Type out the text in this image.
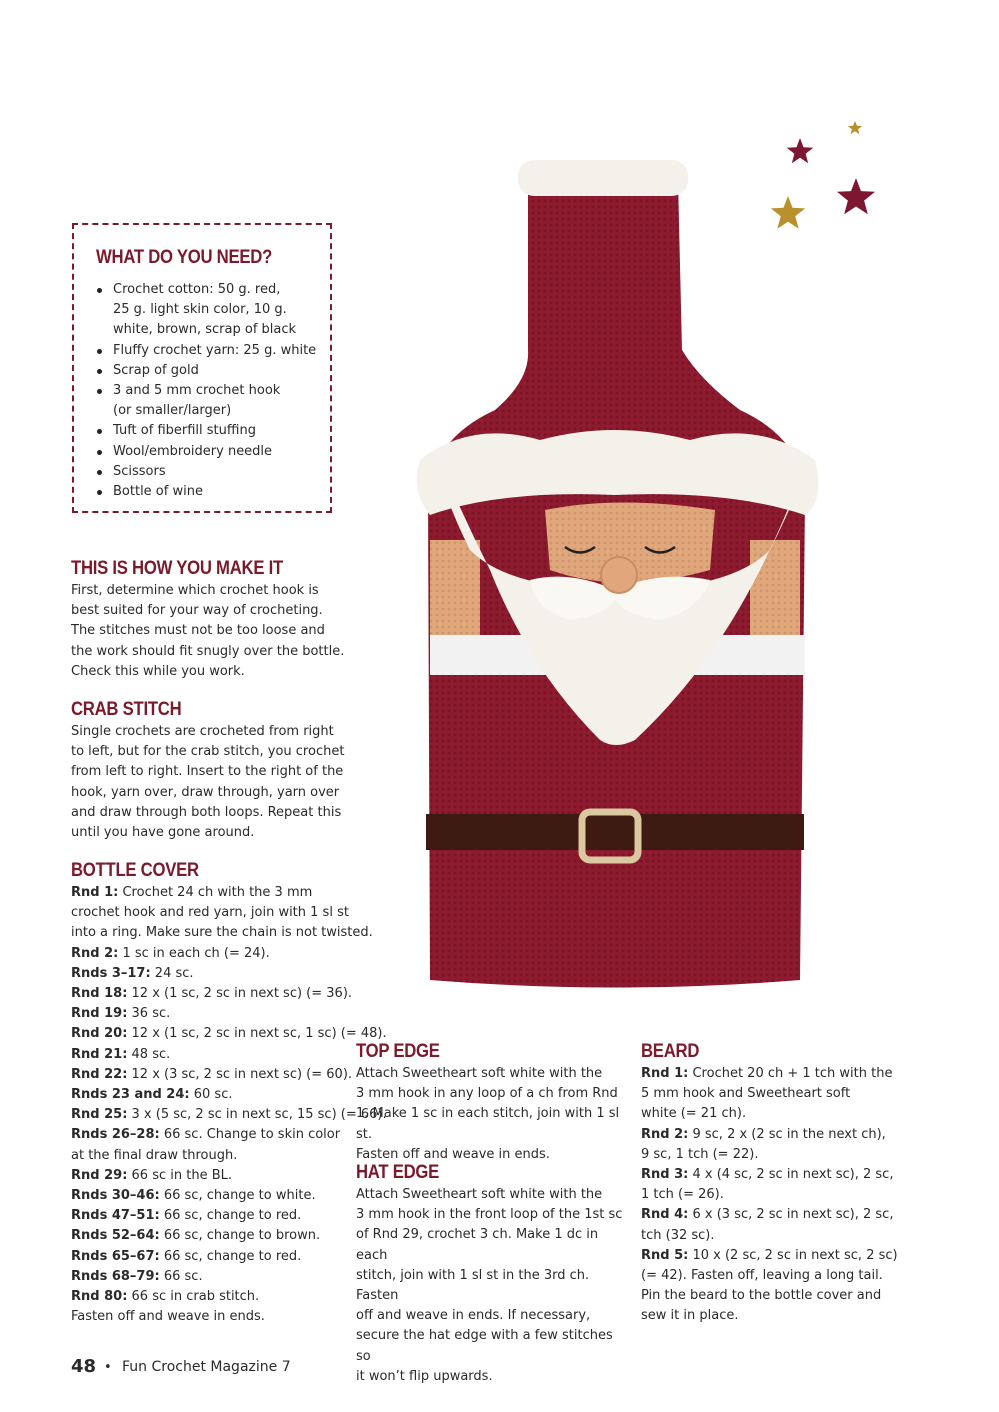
WHAT DO YOU NEED?
Crochet cotton: 50 g. red,
25 g. light skin color, 10 g.
white, brown, scrap of black
Fluffy crochet yarn: 25 g. white
Scrap of gold
3 and 5 mm crochet hook
(or smaller/larger)
Tuft of fiberfill stuffing
Wool/embroidery needle
Scissors
Bottle of wine
THIS IS HOW YOU MAKE IT

First, determine which crochet hook is
best suited for your way of crocheting.
The stitches must not be too loose and
the work should fit snugly over the bottle.
Check this while you work.

CRAB STITCH

Single crochets are crocheted from right
to left, but for the crab stitch, you crochet
from left to right. Insert to the right of the
hook, yarn over, draw through, yarn over
and draw through both loops. Repeat this
until you have gone around.

BOTTLE COVER
Rnd 1: Crochet 24 ch with the 3 mm
crochet hook and red yarn, join with 1 sl st
into a ring. Make sure the chain is not twisted.
Rnd 2: 1 sc in each ch (= 24).
Rnds 3–17: 24 sc.
Rnd 18: 12 x (1 sc, 2 sc in next sc) (= 36).
Rnd 19: 36 sc.
Rnd 20: 12 x (1 sc, 2 sc in next sc, 1 sc) (= 48).
Rnd 21: 48 sc.
Rnd 22: 12 x (3 sc, 2 sc in next sc) (= 60).
Rnds 23 and 24: 60 sc.
Rnd 25: 3 x (5 sc, 2 sc in next sc, 15 sc) (= 66).
Rnds 26–28: 66 sc. Change to skin color
at the final draw through.
Rnd 29: 66 sc in the BL.
Rnds 30–46: 66 sc, change to white.
Rnds 47–51: 66 sc, change to red.
Rnds 52–64: 66 sc, change to brown.
Rnds 65–67: 66 sc, change to red.
Rnds 68–79: 66 sc.
Rnd 80: 66 sc in crab stitch.
Fasten off and weave in ends.
TOP EDGE

Attach Sweetheart soft white with the
3 mm hook in any loop of a ch from Rnd
1. Make 1 sc in each stitch, join with 1 sl st.
Fasten off and weave in ends.

HAT EDGE

Attach Sweetheart soft white with the
3 mm hook in the front loop of the 1st sc
of Rnd 29, crochet 3 ch. Make 1 dc in each
stitch, join with 1 sl st in the 3rd ch. Fasten
off and weave in ends. If necessary,
secure the hat edge with a few stitches so
it won’t flip upwards.

BEARD
Rnd 1: Crochet 20 ch + 1 tch with the
5 mm hook and Sweetheart soft
white (= 21 ch).
Rnd 2: 9 sc, 2 x (2 sc in the next ch),
9 sc, 1 tch (= 22).
Rnd 3: 4 x (4 sc, 2 sc in next sc), 2 sc,
1 tch (= 26).
Rnd 4: 6 x (3 sc, 2 sc in next sc), 2 sc,
tch (32 sc).
Rnd 5: 10 x (2 sc, 2 sc in next sc, 2 sc)
(= 42). Fasten off, leaving a long tail.
Pin the beard to the bottle cover and
sew it in place.
48 • Fun Crochet Magazine 7
